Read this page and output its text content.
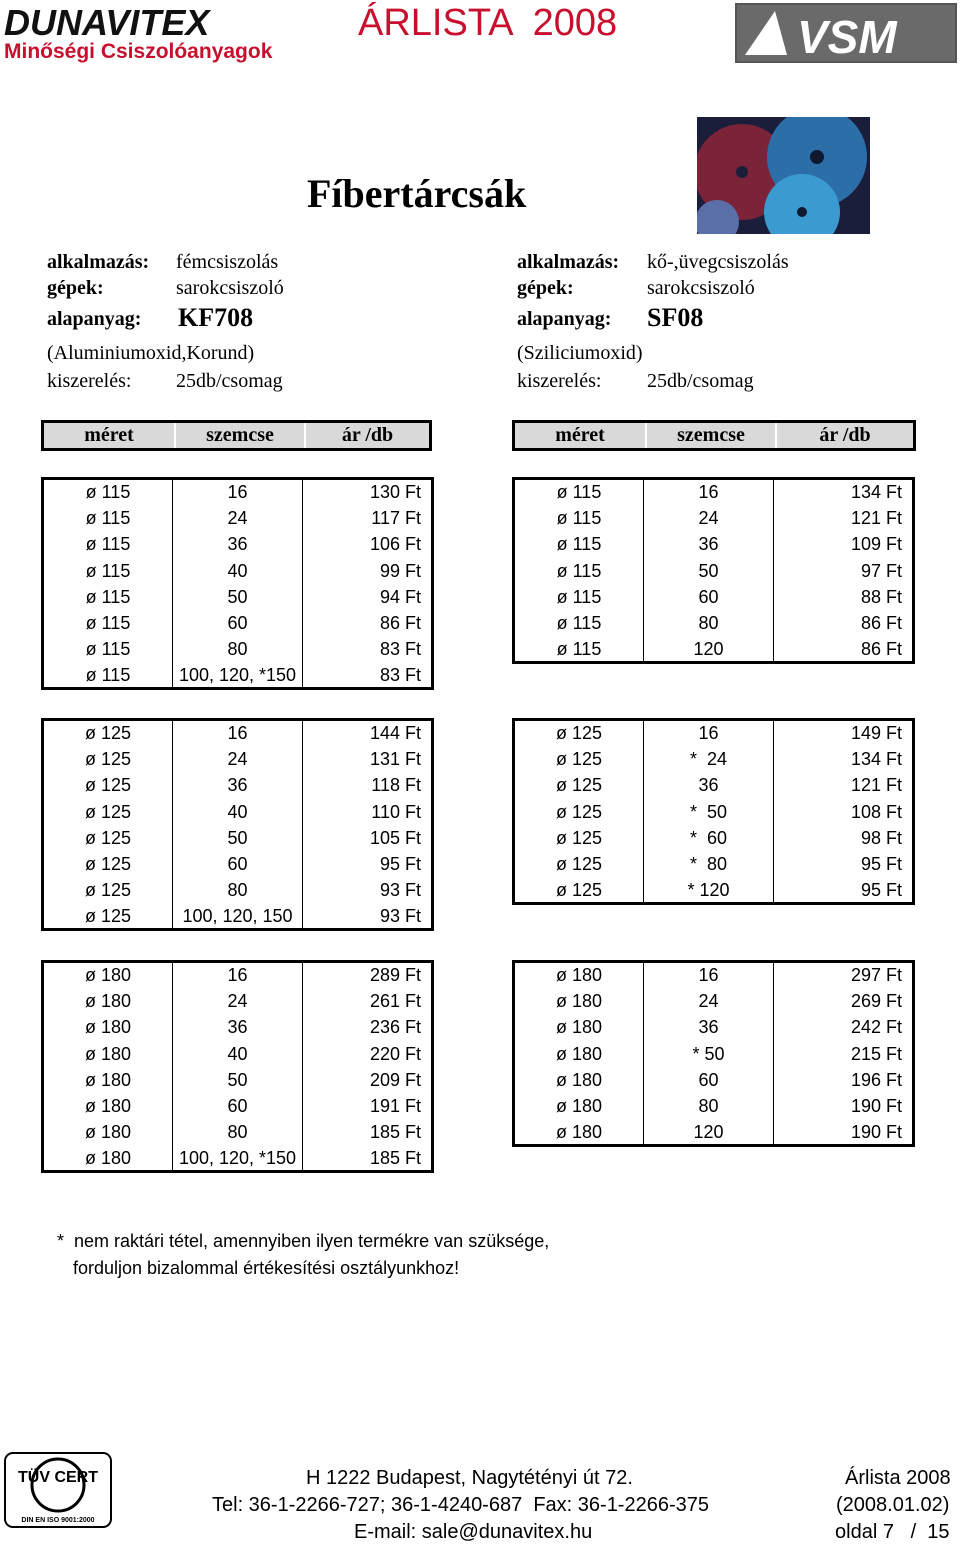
DUNAVITEX
Minőségi Csiszolóanyagok
ÁRLISTA  2008	VSM
Fíbertárcsák
alkalmazás: fémcsiszolás
gépek:	sarokcsiszoló
alapanyag: KF708
(Aluminiumoxid,Korund)
kiszerelés: 25db/csomag
alkalmazás: kő-,üvegcsiszolás
gépek:	sarokcsiszoló
alapanyag: SF08
(Sziliciumoxid)
kiszerelés: 25db/csomag
méret	szemcse	ár /db	méret	szemcse	ár /db
ø 115	16	130 Ft
ø 115	24	117 Ft
ø 115	36	106 Ft
ø 115	40	99 Ft
ø 115	50	94 Ft
ø 115	60	86 Ft
ø 115	80	83 Ft
ø 115	100, 120, *150	83 Ft
ø 125	16	144 Ft
ø 125	24	131 Ft
ø 125	36	118 Ft
ø 125	40	110 Ft
ø 125	50	105 Ft
ø 125	60	95 Ft
ø 125	80	93 Ft
ø 125	100, 120, 150	93 Ft
ø 180	16	289 Ft
ø 180	24	261 Ft
ø 180	36	236 Ft
ø 180	40	220 Ft
ø 180	50	209 Ft
ø 180	60	191 Ft
ø 180	80	185 Ft
ø 180	100, 120, *150	185 Ft
ø 115	16	134 Ft
ø 115	24	121 Ft
ø 115	36	109 Ft
ø 115	50	97 Ft
ø 115	60	88 Ft
ø 115	80	86 Ft
ø 115	120	86 Ft
ø 125	16	149 Ft
ø 125	*  24	134 Ft
ø 125	36	121 Ft
ø 125	*  50	108 Ft
ø 125	*  60	98 Ft
ø 125	*  80	95 Ft
ø 125	* 120	95 Ft
ø 180	16	297 Ft
ø 180	24	269 Ft
ø 180	36	242 Ft
ø 180	* 50	215 Ft
ø 180	60	196 Ft
ø 180	80	190 Ft
ø 180	120	190 Ft
*  nem raktári tétel, amennyiben ilyen termékre van szüksége,
forduljon bizalommal értékesítési osztályunkhoz!
TÜV CERT
DIN EN ISO 9001:2000
H 1222 Budapest, Nagytétényi út 72.
Tel: 36-1-2266-727; 36-1-4240-687  Fax: 36-1-2266-375
E-mail: sale@dunavitex.hu
Árlista 2008
(2008.01.02)
oldal 7   /  15
